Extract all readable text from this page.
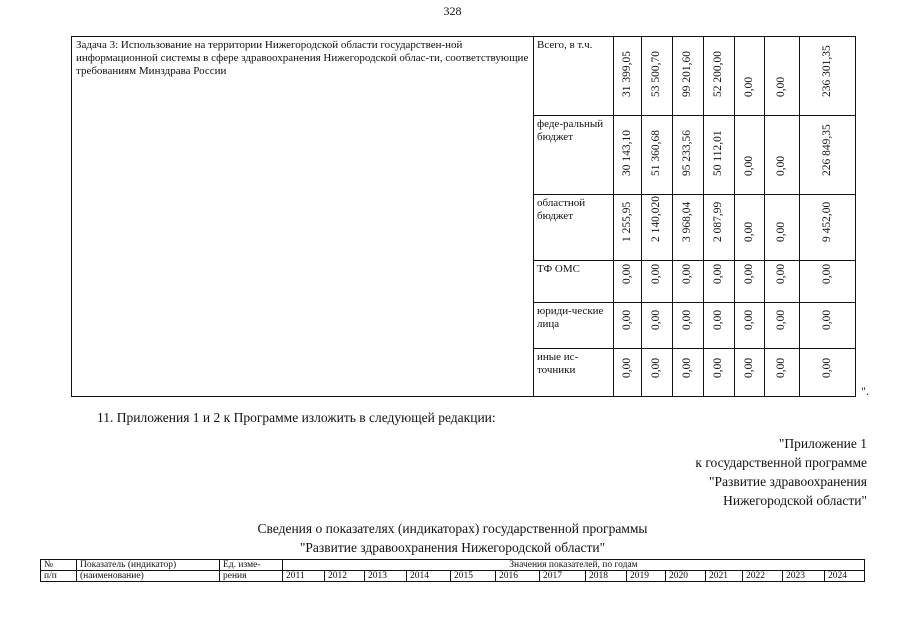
328
Задача 3: Использование на территории Нижегородской области государствен-ной информационной системы в сфере здравоохранения Нижегородской облас-ти, соответствующие требованиям Минздрава России	Всего, в т.ч.	31 399,05	53 500,70	99 201,60	52 200,00	0,00	0,00	236 301,35

	феде-ральный бюджет	30 143,10	51 360,68	95 233,56	50 112,01	0,00	0,00	226 849,35

	областной бюджет	1 255,95	2 140,020	3 968,04	2 087,99	0,00	0,00	9 452,00

	ТФ ОМС	0,00	0,00	0,00	0,00	0,00	0,00	0,00

	юриди-ческие лица	0,00	0,00	0,00	0,00	0,00	0,00	0,00

	иные ис-точники	0,00	0,00	0,00	0,00	0,00	0,00	0,00
".
11. Приложения 1 и 2 к Программе изложить в следующей редакции:
"Приложение 1
к государственной программе
"Развитие здравоохранения
Нижегородской области"
Сведения о показателях (индикаторах) государственной программы
"Развитие здравоохранения Нижегородской области"
№	Показатель (индикатор)	Ед. изме-	Значения показателей, по годам													
п/п	(наименование)	рения	2011	2012	2013	2014	2015	2016	2017	2018	2019	2020	2021	2022	2023	2024
